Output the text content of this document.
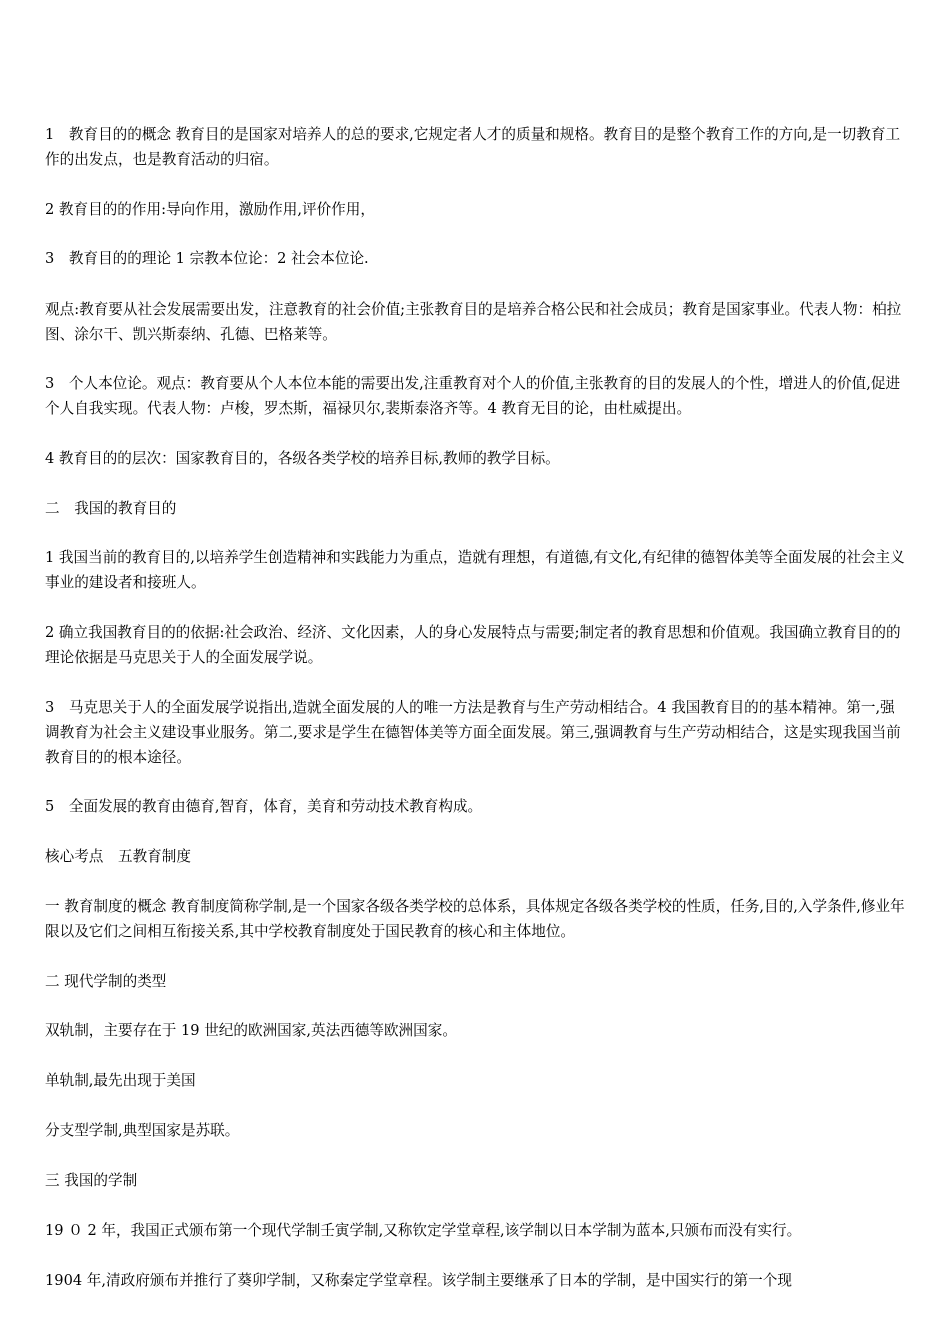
1　教育目的的概念 教育目的是国家对培养人的总的要求,它规定者人才的质量和规格。教育目的是整个教育工作的方向,是一切教育工作的出发点，也是教育活动的归宿。

2 教育目的的作用:导向作用，激励作用,评价作用，

3　教育目的的理论 1 宗教本位论：2 社会本位论.

观点:教育要从社会发展需要出发，注意教育的社会价值;主张教育目的是培养合格公民和社会成员；教育是国家事业。代表人物：柏拉图、涂尔干、凯兴斯泰纳、孔德、巴格莱等。

3　个人本位论。观点：教育要从个人本位本能的需要出发,注重教育对个人的价值,主张教育的目的发展人的个性，增进人的价值,促进个人自我实现。代表人物：卢梭，罗杰斯，福禄贝尔,裴斯泰洛齐等。4 教育无目的论，由杜威提出。

4 教育目的的层次：国家教育目的，各级各类学校的培养目标,教师的教学目标。

二　我国的教育目的

1 我国当前的教育目的,以培养学生创造精神和实践能力为重点，造就有理想，有道德,有文化,有纪律的德智体美等全面发展的社会主义事业的建设者和接班人。

2 确立我国教育目的的依据:社会政治、经济、文化因素，人的身心发展特点与需要;制定者的教育思想和价值观。我国确立教育目的的理论依据是马克思关于人的全面发展学说。

3　马克思关于人的全面发展学说指出,造就全面发展的人的唯一方法是教育与生产劳动相结合。4 我国教育目的的基本精神。第一,强调教育为社会主义建设事业服务。第二,要求是学生在德智体美等方面全面发展。第三,强调教育与生产劳动相结合，这是实现我国当前教育目的的根本途径。

5　全面发展的教育由德育,智育，体育，美育和劳动技术教育构成。

核心考点　五教育制度

一 教育制度的概念 教育制度简称学制,是一个国家各级各类学校的总体系，具体规定各级各类学校的性质，任务,目的,入学条件,修业年限以及它们之间相互衔接关系,其中学校教育制度处于国民教育的核心和主体地位。

二 现代学制的类型

双轨制，主要存在于 19 世纪的欧洲国家,英法西德等欧洲国家。

单轨制,最先出现于美国

分支型学制,典型国家是苏联。

三 我国的学制

19 ０ 2 年，我国正式颁布第一个现代学制壬寅学制,又称钦定学堂章程,该学制以日本学制为蓝本,只颁布而没有实行。

1904 年,清政府颁布并推行了葵卯学制，又称秦定学堂章程。该学制主要继承了日本的学制，是中国实行的第一个现
